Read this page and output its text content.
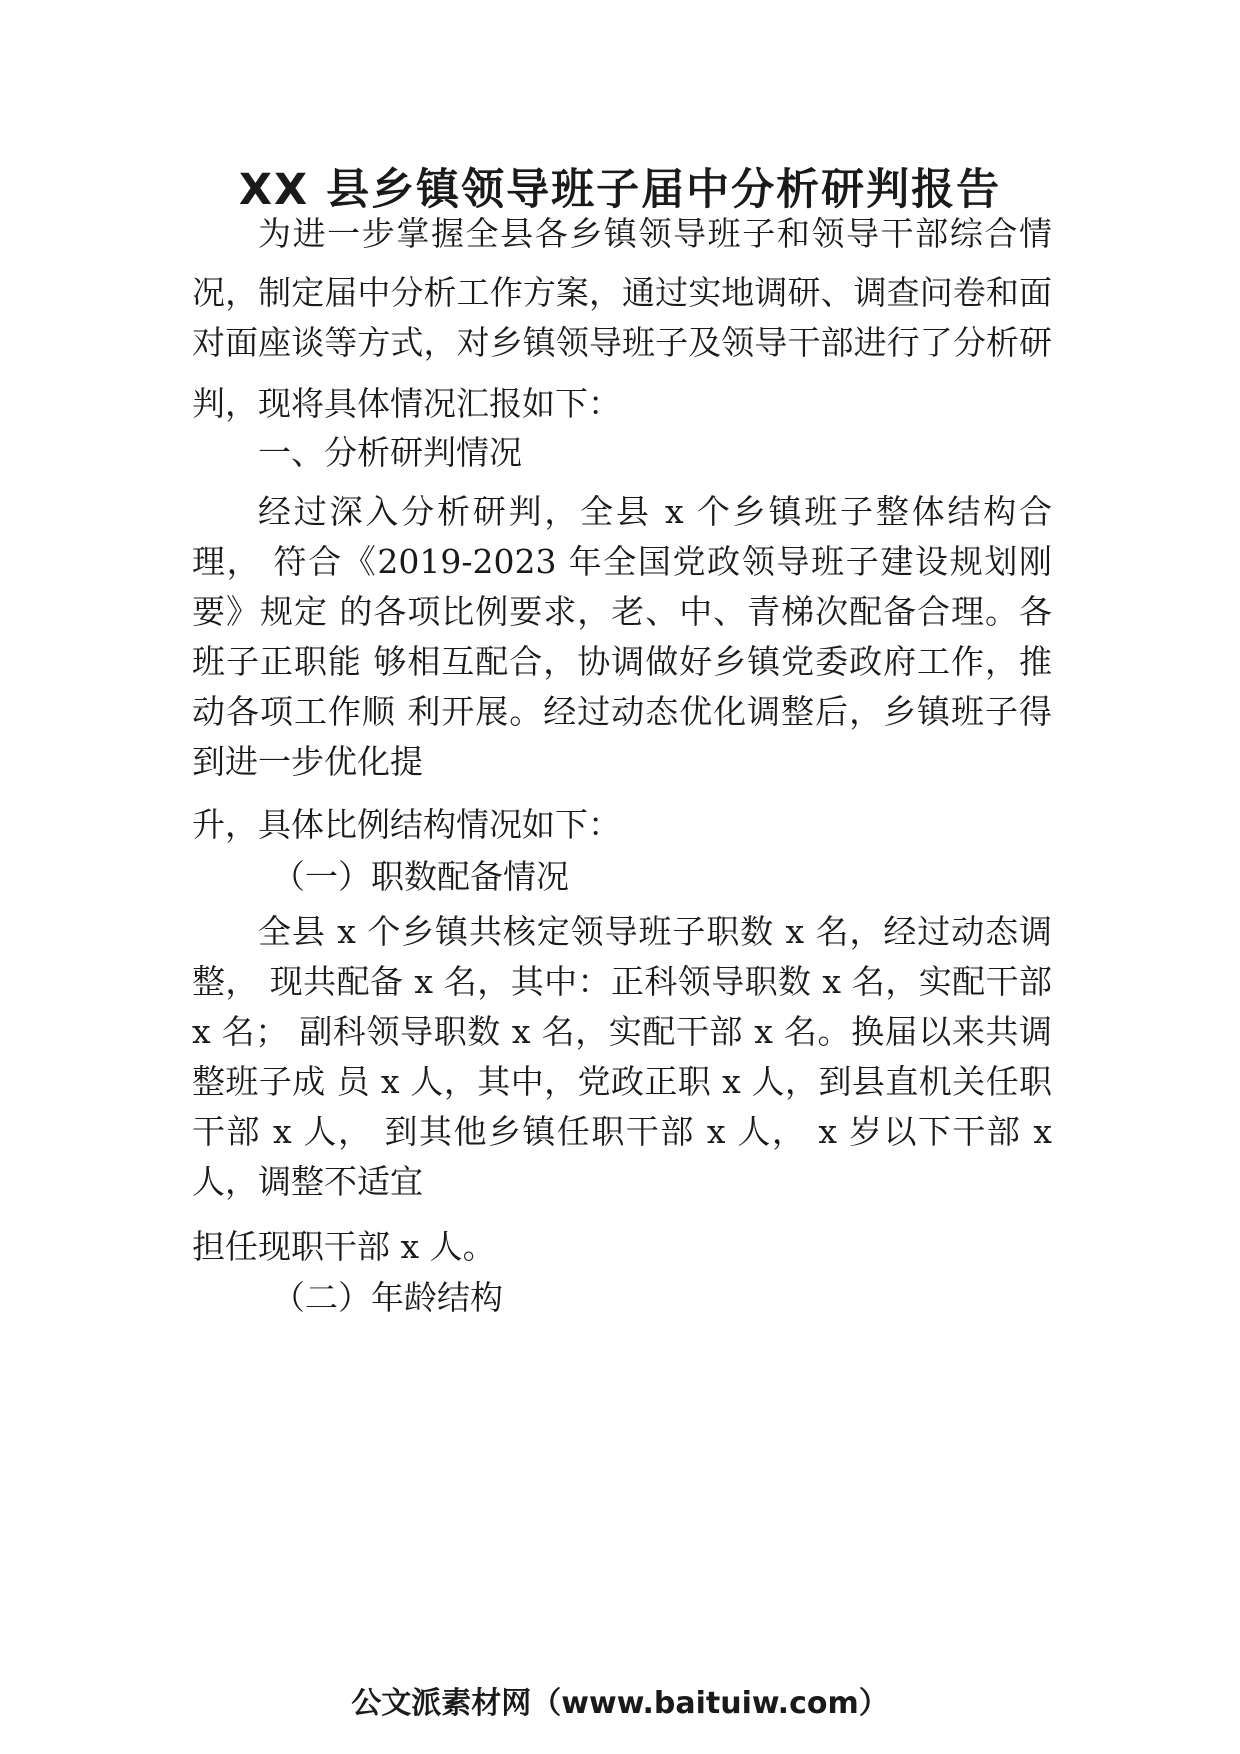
XX 县乡镇领导班子届中分析研判报告
为进一步掌握全县各乡镇领导班子和领导干部综合情
况，制定届中分析工作方案，通过实地调研、调查问卷和面
对面座谈等方式，对乡镇领导班子及领导干部进行了分析研
判，现将具体情况汇报如下：
一、分析研判情况
经过深入分析研判，全县 x 个乡镇班子整体结构合
理， 符合《2019-2023 年全国党政领导班子建设规划刚
要》规定 的各项比例要求，老、中、青梯次配备合理。各
班子正职能 够相互配合，协调做好乡镇党委政府工作，推
动各项工作顺 利开展。经过动态优化调整后，乡镇班子得
到进一步优化提
升，具体比例结构情况如下：
（一）职数配备情况
全县 x 个乡镇共核定领导班子职数 x 名，经过动态调
整， 现共配备 x 名，其中：正科领导职数 x 名，实配干部
x 名； 副科领导职数 x 名，实配干部 x 名。换届以来共调
整班子成 员 x 人，其中，党政正职 x 人，到县直机关任职
干部 x 人， 到其他乡镇任职干部 x 人， x 岁以下干部 x
人，调整不适宜
担任现职干部 x 人。
（二）年龄结构
公文派素材网（www.baituiw.com）
